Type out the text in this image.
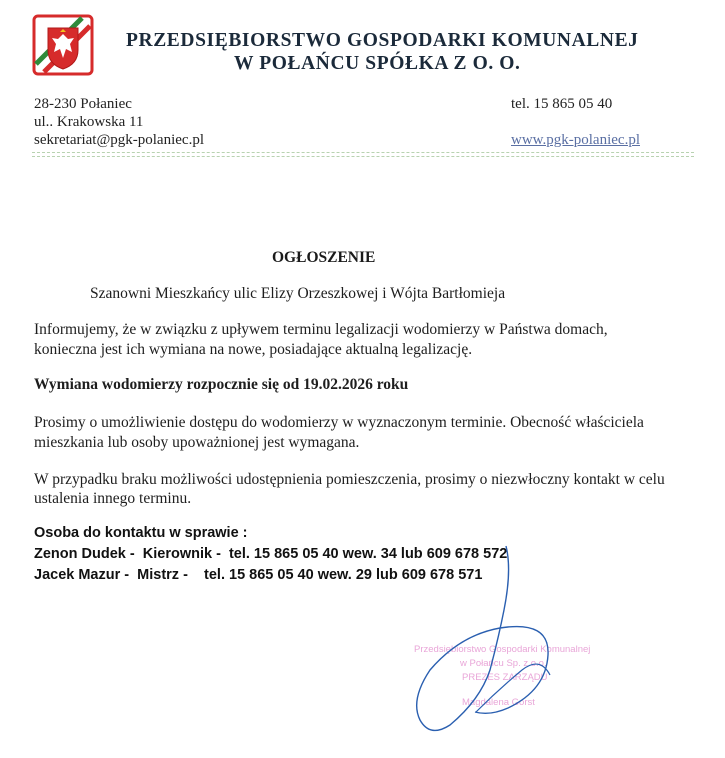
PRZEDSIĘBIORSTWO GOSPODARKI KOMUNALNEJ
W POŁAŃCU SPÓŁKA Z O. O.
28-230 Połaniec
ul.. Krakowska 11
sekretariat@pgk-polaniec.pl
tel. 15 865 05 40
www.pgk-polaniec.pl
OGŁOSZENIE
Szanowni Mieszkańcy ulic Elizy Orzeszkowej i Wójta Bartłomieja
Informujemy, że w związku z upływem terminu legalizacji wodomierzy w Państwa domach,
konieczna jest ich wymiana na nowe, posiadające aktualną legalizację.
Wymiana wodomierzy rozpocznie się od 19.02.2026 roku
Prosimy o umożliwienie dostępu do wodomierzy w wyznaczonym terminie. Obecność właściciela
mieszkania lub osoby upoważnionej jest wymagana.
W przypadku braku możliwości udostępnienia pomieszczenia, prosimy o niezwłoczny kontakt w celu
ustalenia innego terminu.
Osoba do kontaktu w sprawie :
Zenon Dudek -  Kierownik -  tel. 15 865 05 40 wew. 34 lub 609 678 572
Jacek Mazur -  Mistrz -    tel. 15 865 05 40 wew. 29 lub 609 678 571
Przedsiębiorstwo Gospodarki Komunalnej
w Połańcu Sp. z o.o.
PREZES ZARZĄDU
Magdalena Gorst
